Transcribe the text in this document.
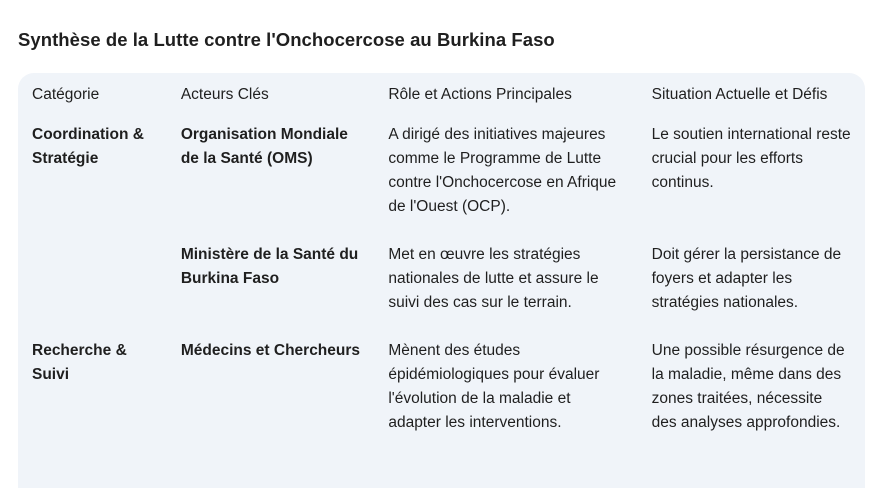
Synthèse de la Lutte contre l'Onchocercose au Burkina Faso
Catégorie	Acteurs Clés	Rôle et Actions Principales	Situation Actuelle et Défis
Coordination & Stratégie	Organisation Mondiale de la Santé (OMS)	A dirigé des initiatives majeures comme le Programme de Lutte contre l'Onchocercose en Afrique de l'Ouest (OCP).	Le soutien international reste crucial pour les efforts continus.
	Ministère de la Santé du Burkina Faso	Met en œuvre les stratégies nationales de lutte et assure le suivi des cas sur le terrain.	Doit gérer la persistance de foyers et adapter les stratégies nationales.
Recherche & Suivi	Médecins et Chercheurs	Mènent des études épidémiologiques pour évaluer l'évolution de la maladie et adapter les interventions.	Une possible résurgence de la maladie, même dans des zones traitées, nécessite des analyses approfondies.
